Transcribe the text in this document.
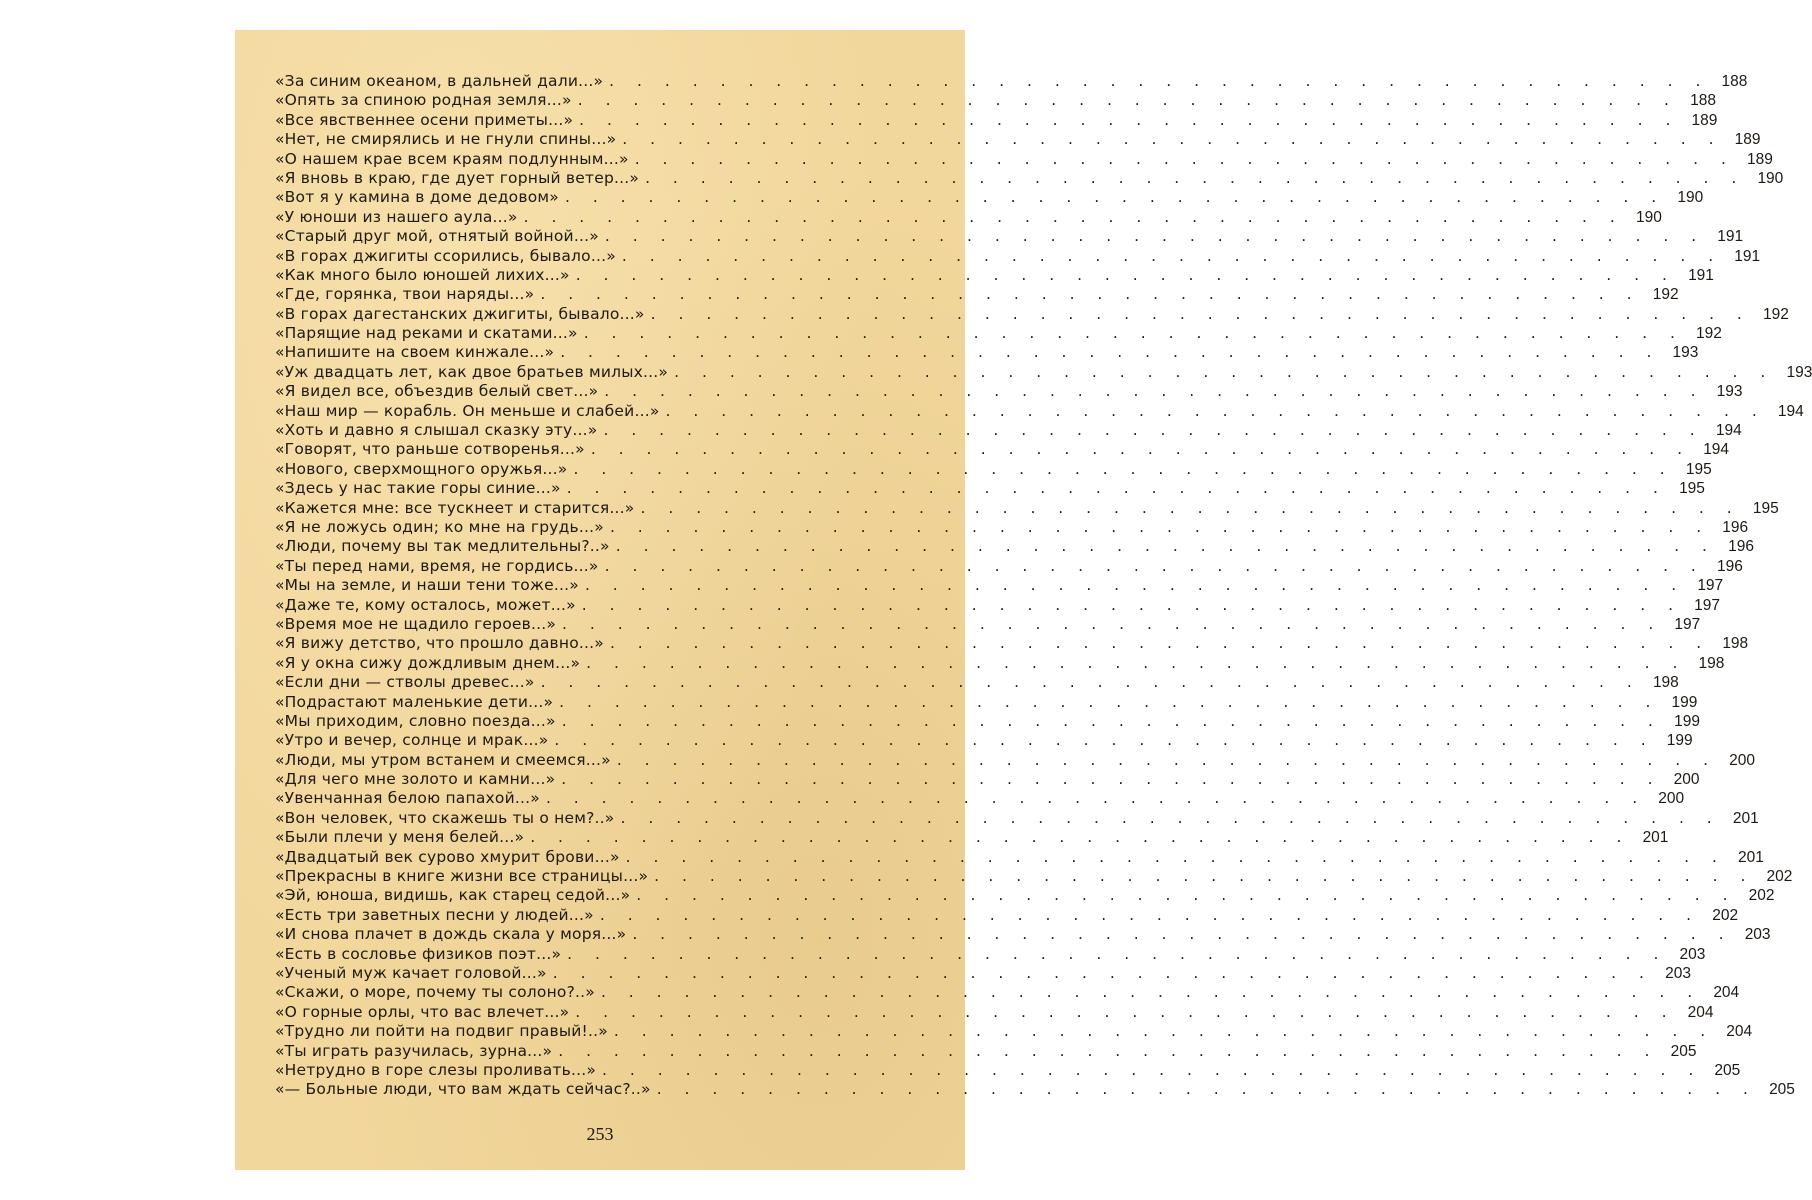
«За синим океаном, в дальней дали...» . . . . . . . . . . . . . . . . . . . . . . . . . . . . . . . . . . . . . . . . 188
«Опять за спиною родная земля...» . . . . . . . . . . . . . . . . . . . . . . . . . . . . . . . . . . . . . . . . 188
«Все явственнее осени приметы...» . . . . . . . . . . . . . . . . . . . . . . . . . . . . . . . . . . . . . . . . 189
«Нет, не смирялись и не гнули спины...» . . . . . . . . . . . . . . . . . . . . . . . . . . . . . . . . . . . . . . . . 189
«О нашем крае всем краям подлунным...» . . . . . . . . . . . . . . . . . . . . . . . . . . . . . . . . . . . . . . . . 189
«Я вновь в краю, где дует горный ветер...» . . . . . . . . . . . . . . . . . . . . . . . . . . . . . . . . . . . . . . . . 190
«Вот я у камина в доме дедовом» . . . . . . . . . . . . . . . . . . . . . . . . . . . . . . . . . . . . . . . . 190
«У юноши из нашего аула...» . . . . . . . . . . . . . . . . . . . . . . . . . . . . . . . . . . . . . . . . 190
«Старый друг мой, отнятый войной...» . . . . . . . . . . . . . . . . . . . . . . . . . . . . . . . . . . . . . . . . 191
«В горах джигиты ссорились, бывало...» . . . . . . . . . . . . . . . . . . . . . . . . . . . . . . . . . . . . . . . . 191
«Как много было юношей лихих...» . . . . . . . . . . . . . . . . . . . . . . . . . . . . . . . . . . . . . . . . 191
«Где, горянка, твои наряды...» . . . . . . . . . . . . . . . . . . . . . . . . . . . . . . . . . . . . . . . . 192
«В горах дагестанских джигиты, бывало...» . . . . . . . . . . . . . . . . . . . . . . . . . . . . . . . . . . . . . . . . 192
«Парящие над реками и скатами...» . . . . . . . . . . . . . . . . . . . . . . . . . . . . . . . . . . . . . . . . 192
«Напишите на своем кинжале...» . . . . . . . . . . . . . . . . . . . . . . . . . . . . . . . . . . . . . . . . 193
«Уж двадцать лет, как двое братьев милых...» . . . . . . . . . . . . . . . . . . . . . . . . . . . . . . . . . . . . . . . . 193
«Я видел все, объездив белый свет...» . . . . . . . . . . . . . . . . . . . . . . . . . . . . . . . . . . . . . . . . 193
«Наш мир — корабль. Он меньше и слабей...» . . . . . . . . . . . . . . . . . . . . . . . . . . . . . . . . . . . . . . . . 194
«Хоть и давно я слышал сказку эту...» . . . . . . . . . . . . . . . . . . . . . . . . . . . . . . . . . . . . . . . . 194
«Говорят, что раньше сотворенья...» . . . . . . . . . . . . . . . . . . . . . . . . . . . . . . . . . . . . . . . . 194
«Нового, сверхмощного оружья...» . . . . . . . . . . . . . . . . . . . . . . . . . . . . . . . . . . . . . . . . 195
«Здесь у нас такие горы синие...» . . . . . . . . . . . . . . . . . . . . . . . . . . . . . . . . . . . . . . . . 195
«Кажется мне: все тускнеет и старится...» . . . . . . . . . . . . . . . . . . . . . . . . . . . . . . . . . . . . . . . . 195
«Я не ложусь один; ко мне на грудь...» . . . . . . . . . . . . . . . . . . . . . . . . . . . . . . . . . . . . . . . . 196
«Люди, почему вы так медлительны?..» . . . . . . . . . . . . . . . . . . . . . . . . . . . . . . . . . . . . . . . . 196
«Ты перед нами, время, не гордись...» . . . . . . . . . . . . . . . . . . . . . . . . . . . . . . . . . . . . . . . . 196
«Мы на земле, и наши тени тоже...» . . . . . . . . . . . . . . . . . . . . . . . . . . . . . . . . . . . . . . . . 197
«Даже те, кому осталось, может...» . . . . . . . . . . . . . . . . . . . . . . . . . . . . . . . . . . . . . . . . 197
«Время мое не щадило героев...» . . . . . . . . . . . . . . . . . . . . . . . . . . . . . . . . . . . . . . . . 197
«Я вижу детство, что прошло давно...» . . . . . . . . . . . . . . . . . . . . . . . . . . . . . . . . . . . . . . . . 198
«Я у окна сижу дождливым днем...» . . . . . . . . . . . . . . . . . . . . . . . . . . . . . . . . . . . . . . . . 198
«Если дни — стволы древес...» . . . . . . . . . . . . . . . . . . . . . . . . . . . . . . . . . . . . . . . . 198
«Подрастают маленькие дети...» . . . . . . . . . . . . . . . . . . . . . . . . . . . . . . . . . . . . . . . . 199
«Мы приходим, словно поезда...» . . . . . . . . . . . . . . . . . . . . . . . . . . . . . . . . . . . . . . . . 199
«Утро и вечер, солнце и мрак...» . . . . . . . . . . . . . . . . . . . . . . . . . . . . . . . . . . . . . . . . 199
«Люди, мы утром встанем и смеемся...» . . . . . . . . . . . . . . . . . . . . . . . . . . . . . . . . . . . . . . . . 200
«Для чего мне золото и камни...» . . . . . . . . . . . . . . . . . . . . . . . . . . . . . . . . . . . . . . . . 200
«Увенчанная белою папахой...» . . . . . . . . . . . . . . . . . . . . . . . . . . . . . . . . . . . . . . . . 200
«Вон человек, что скажешь ты о нем?..» . . . . . . . . . . . . . . . . . . . . . . . . . . . . . . . . . . . . . . . . 201
«Были плечи у меня белей...» . . . . . . . . . . . . . . . . . . . . . . . . . . . . . . . . . . . . . . . . 201
«Двадцатый век сурово хмурит брови...» . . . . . . . . . . . . . . . . . . . . . . . . . . . . . . . . . . . . . . . . 201
«Прекрасны в книге жизни все страницы...» . . . . . . . . . . . . . . . . . . . . . . . . . . . . . . . . . . . . . . . . 202
«Эй, юноша, видишь, как старец седой...» . . . . . . . . . . . . . . . . . . . . . . . . . . . . . . . . . . . . . . . . 202
«Есть три заветных песни у людей...» . . . . . . . . . . . . . . . . . . . . . . . . . . . . . . . . . . . . . . . . 202
«И снова плачет в дождь скала у моря...» . . . . . . . . . . . . . . . . . . . . . . . . . . . . . . . . . . . . . . . . 203
«Есть в сословье физиков поэт...» . . . . . . . . . . . . . . . . . . . . . . . . . . . . . . . . . . . . . . . . 203
«Ученый муж качает головой...» . . . . . . . . . . . . . . . . . . . . . . . . . . . . . . . . . . . . . . . . 203
«Скажи, о море, почему ты солоно?..» . . . . . . . . . . . . . . . . . . . . . . . . . . . . . . . . . . . . . . . . 204
«О горные орлы, что вас влечет...» . . . . . . . . . . . . . . . . . . . . . . . . . . . . . . . . . . . . . . . . 204
«Трудно ли пойти на подвиг правый!..» . . . . . . . . . . . . . . . . . . . . . . . . . . . . . . . . . . . . . . . . 204
«Ты играть разучилась, зурна...» . . . . . . . . . . . . . . . . . . . . . . . . . . . . . . . . . . . . . . . . 205
«Нетрудно в горе слезы проливать...» . . . . . . . . . . . . . . . . . . . . . . . . . . . . . . . . . . . . . . . . 205
«— Больные люди, что вам ждать сейчас?..» . . . . . . . . . . . . . . . . . . . . . . . . . . . . . . . . . . . . . . . . 205
253
